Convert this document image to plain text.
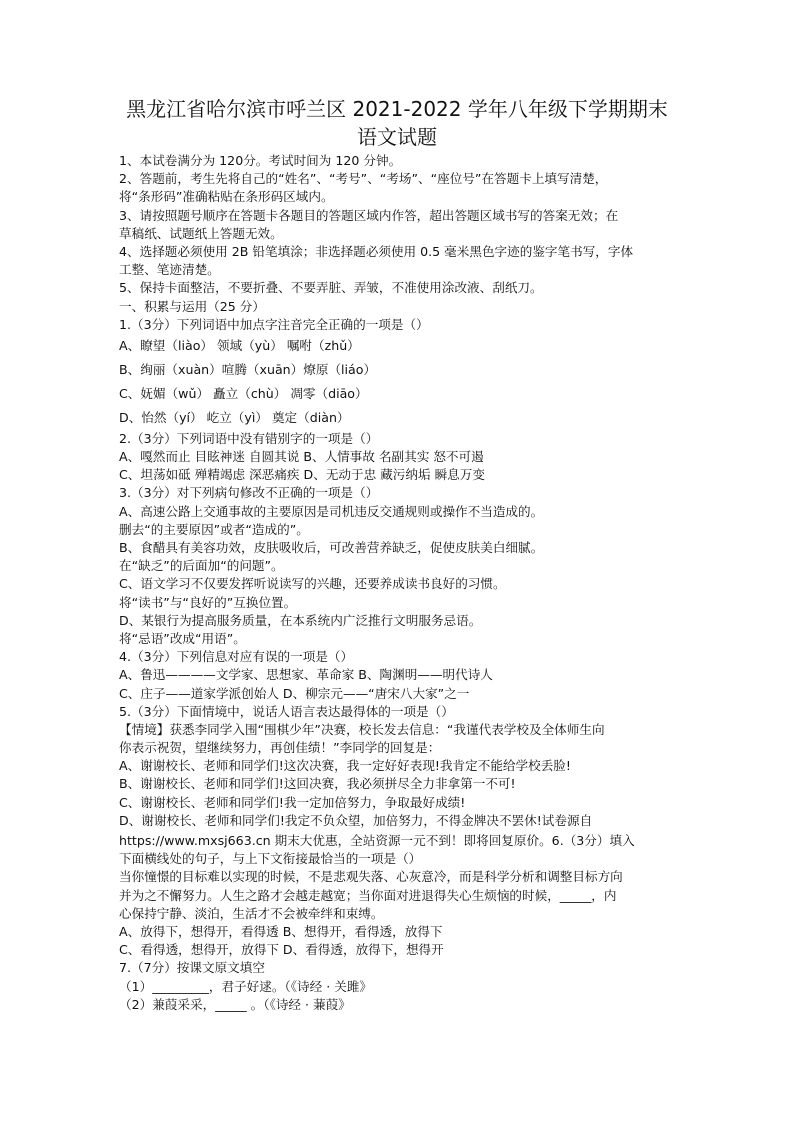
黑龙江省哈尔滨市呼兰区 2021-2022 学年八年级下学期期末
语文试题
1、本试卷满分为 120分。考试时间为 120 分钟。
2、答题前，考生先将自己的“姓名”、“考号”、“考场”、“座位号”在答题卡上填写清楚，
将“条形码”准确粘贴在条形码区域内。
3、请按照题号顺序在答题卡各题目的答题区域内作答，超出答题区域书写的答案无效；在
草稿纸、试题纸上答题无效。
4、选择题必须使用 2B 铅笔填涂；非选择题必须使用 0.5 毫米黑色字迹的鉴字笔书写，字体
工整、笔迹清楚。
5、保持卡面整洁，不要折叠、不要弄脏、弄皱，不准使用涂改液、刮纸刀。
一、积累与运用（25 分）
1.（3分）下列词语中加点字注音完全正确的一项是（）
A、瞭望（liào） 领域（yù） 嘱咐（zhǔ）
B、绚丽（xuàn）喧腾（xuān）燎原（liáo）
C、妩媚（wǔ） 矗立（chù） 凋零（diāo）
D、怡然（yí） 屹立（yì） 奠定（diàn）
2.（3分）下列词语中没有错别字的一项是（）
A、嘎然而止 目眩神迷 自圆其说 B、人情事故 名副其实 怒不可遏
C、坦荡如砥 殚精竭虑 深恶痛疾 D、无动于忠 藏污纳垢 瞬息万变
3.（3分）对下列病句修改不正确的一项是（）
A、高速公路上交通事故的主要原因是司机违反交通规则或操作不当造成的。
删去“的主要原因”或者“造成的”。
B、食醋具有美容功效，皮肤吸收后，可改善营养缺乏，促使皮肤美白细腻。
在“缺乏”的后面加“的问题”。
C、语文学习不仅要发挥听说读写的兴趣，还要养成读书良好的习惯。
将“读书”与“良好的”互换位置。
D、某银行为提高服务质量，在本系统内广泛推行文明服务忌语。
将“忌语”改成“用语”。
4.（3分）下列信息对应有误的一项是（）
A、鲁迅————文学家、思想家、革命家 B、陶渊明——明代诗人
C、庄子——道家学派创始人 D、柳宗元——“唐宋八大家”之一
5.（3分）下面情境中，说话人语言表达最得体的一项是（）
【情境】获悉李同学入围“围棋少年”决赛，校长发去信息：“我谨代表学校及全体师生向
你表示祝贺，望继续努力，再创佳绩！”李同学的回复是：
A、谢谢校长、老师和同学们!这次决赛，我一定好好表现!我肯定不能给学校丢脸!
B、谢谢校长、老师和同学们!这回决赛，我必须拼尽全力非拿第一不可!
C、谢谢校长、老师和同学们!我一定加倍努力，争取最好成绩!
D、谢谢校长、老师和同学们!我定不负众望，加倍努力，不得金牌决不罢休!试卷源自
https://www.mxsj663.cn 期末大优惠，全站资源一元不到！即将回复原价。6.（3分）填入
下面横线处的句子，与上下文衔接最恰当的一项是（）
当你憧憬的目标难以实现的时候，不是悲观失落、心灰意冷，而是科学分析和调整目标方向
并为之不懈努力。人生之路才会越走越宽；当你面对进退得失心生烦恼的时候，_____，内
心保持宁静、淡泊，生活才不会被牵绊和束缚。
A、放得下，想得开，看得透 B、想得开，看得透，放得下
C、看得透，想得开，放得下 D、看得透，放得下，想得开
7.（7分）按课文原文填空
（1）_________，君子好逑。（《诗经 · 关雎》
（2）兼葭采采，_____ 。（《诗经 · 蒹葭》
